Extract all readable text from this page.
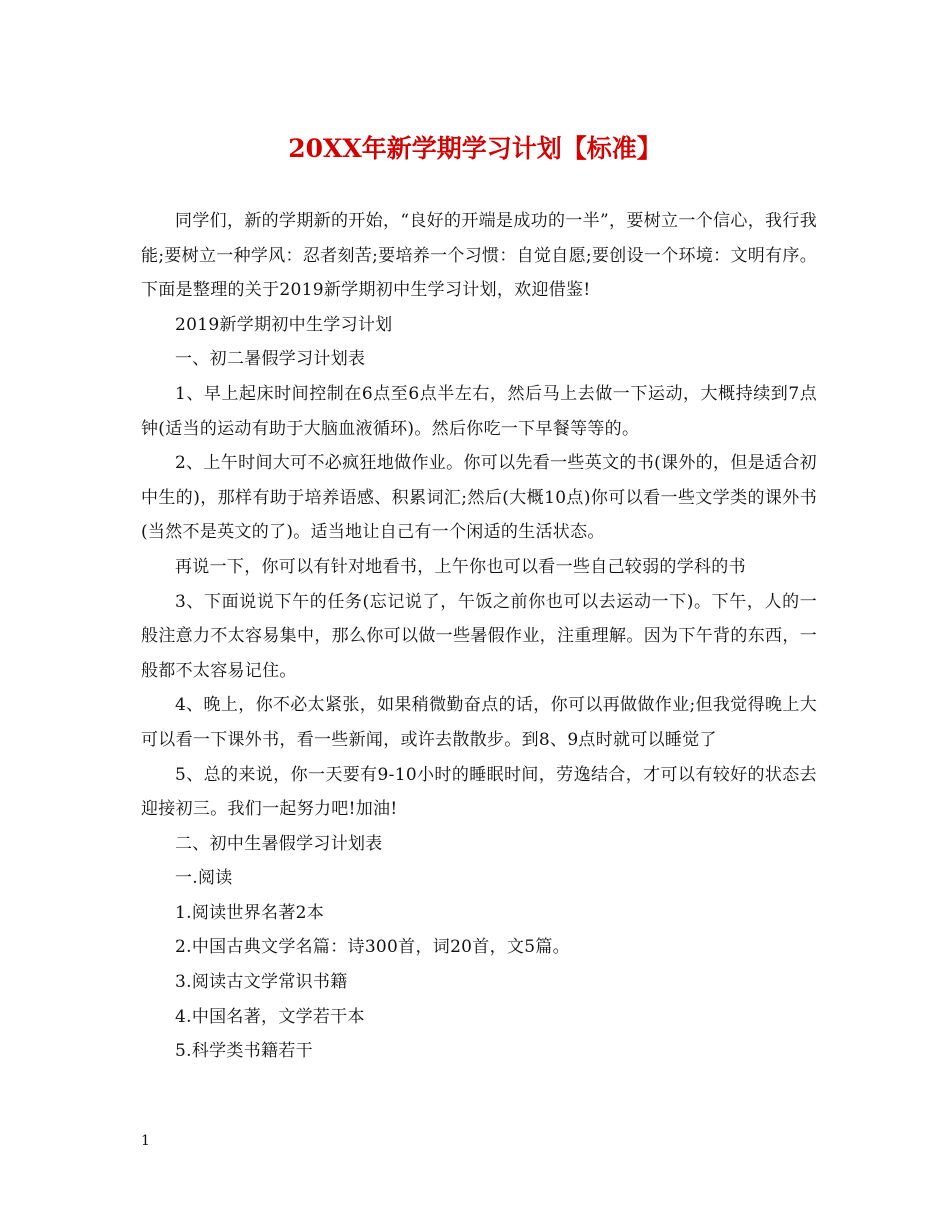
20XX年新学期学习计划【标准】

同学们，新的学期新的开始，“良好的开端是成功的一半”，要树立一个信心，我行我能;要树立一种学风：忍者刻苦;要培养一个习惯：自觉自愿;要创设一个环境：文明有序。下面是整理的关于2019新学期初中生学习计划，欢迎借鉴!

2019新学期初中生学习计划

一、初二暑假学习计划表

1、早上起床时间控制在6点至6点半左右，然后马上去做一下运动，大概持续到7点钟(适当的运动有助于大脑血液循环)。然后你吃一下早餐等等的。

2、上午时间大可不必疯狂地做作业。你可以先看一些英文的书(课外的，但是适合初中生的)，那样有助于培养语感、积累词汇;然后(大概10点)你可以看一些文学类的课外书(当然不是英文的了)。适当地让自己有一个闲适的生活状态。

再说一下，你可以有针对地看书，上午你也可以看一些自己较弱的学科的书

3、下面说说下午的任务(忘记说了，午饭之前你也可以去运动一下)。下午，人的一般注意力不太容易集中，那么你可以做一些暑假作业，注重理解。因为下午背的东西，一般都不太容易记住。

4、晚上，你不必太紧张，如果稍微勤奋点的话，你可以再做做作业;但我觉得晚上大可以看一下课外书，看一些新闻，或许去散散步。到8、9点时就可以睡觉了

5、总的来说，你一天要有9-10小时的睡眠时间，劳逸结合，才可以有较好的状态去迎接初三。我们一起努力吧!加油!

二、初中生暑假学习计划表

一.阅读

1.阅读世界名著2本

2.中国古典文学名篇：诗300首，词20首，文5篇。

3.阅读古文学常识书籍

4.中国名著，文学若干本

5.科学类书籍若干

1
